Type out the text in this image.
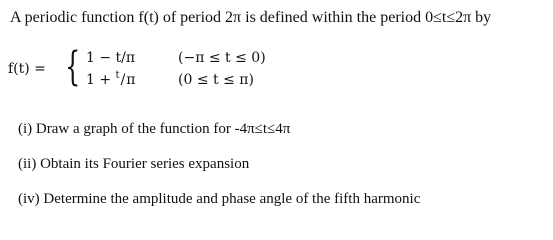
A periodic function f(t) of period 2π is defined within the period 0≤t≤2π by
f(t) = { 1 − t/π	(−π ≤ t ≤ 0)
1 + $^t$/π	(0 ≤ t ≤ π)
(i) Draw a graph of the function for -4π≤t≤4π
(ii) Obtain its Fourier series expansion
(iv) Determine the amplitude and phase angle of the fifth harmonic
